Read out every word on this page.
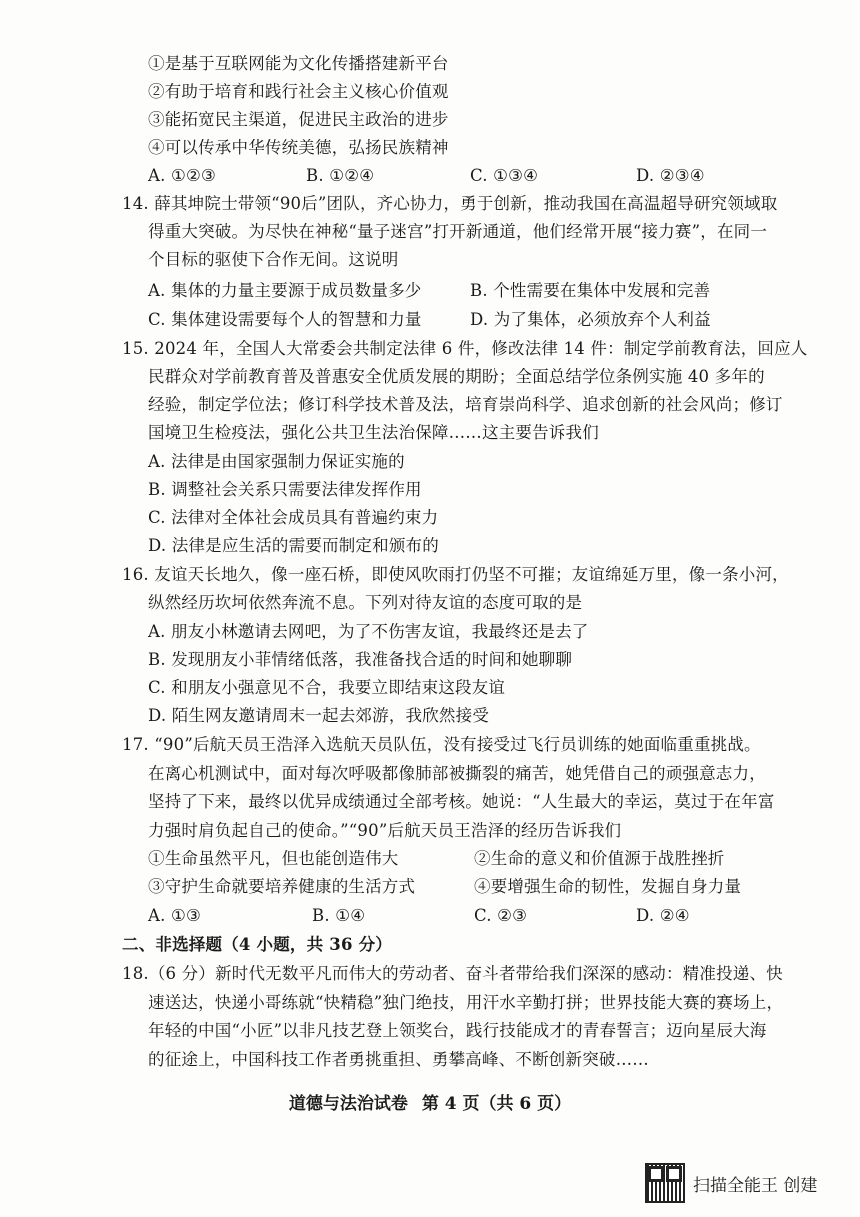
①是基于互联网能为文化传播搭建新平台
②有助于培育和践行社会主义核心价值观
③能拓宽民主渠道，促进民主政治的进步
④可以传承中华传统美德，弘扬民族精神
A. ①②③	B. ①②④	C. ①③④	D. ②③④
14. 薛其坤院士带领“90后”团队，齐心协力，勇于创新，推动我国在高温超导研究领域取
得重大突破。为尽快在神秘“量子迷宫”打开新通道，他们经常开展“接力赛”，在同一
个目标的驱使下合作无间。这说明
A. 集体的力量主要源于成员数量多少	B. 个性需要在集体中发展和完善
C. 集体建设需要每个人的智慧和力量	D. 为了集体，必须放弃个人利益
15. 2024 年，全国人大常委会共制定法律 6 件，修改法律 14 件：制定学前教育法，回应人
民群众对学前教育普及普惠安全优质发展的期盼；全面总结学位条例实施 40 多年的
经验，制定学位法；修订科学技术普及法，培育崇尚科学、追求创新的社会风尚；修订
国境卫生检疫法，强化公共卫生法治保障……这主要告诉我们
A. 法律是由国家强制力保证实施的
B. 调整社会关系只需要法律发挥作用
C. 法律对全体社会成员具有普遍约束力
D. 法律是应生活的需要而制定和颁布的
16. 友谊天长地久，像一座石桥，即使风吹雨打仍坚不可摧；友谊绵延万里，像一条小河，
纵然经历坎坷依然奔流不息。下列对待友谊的态度可取的是
A. 朋友小林邀请去网吧，为了不伤害友谊，我最终还是去了
B. 发现朋友小菲情绪低落，我准备找合适的时间和她聊聊
C. 和朋友小强意见不合，我要立即结束这段友谊
D. 陌生网友邀请周末一起去郊游，我欣然接受
17. “90”后航天员王浩泽入选航天员队伍，没有接受过飞行员训练的她面临重重挑战。
在离心机测试中，面对每次呼吸都像肺部被撕裂的痛苦，她凭借自己的顽强意志力，
坚持了下来，最终以优异成绩通过全部考核。她说：“人生最大的幸运，莫过于在年富
力强时肩负起自己的使命。”“90”后航天员王浩泽的经历告诉我们
①生命虽然平凡，但也能创造伟大	②生命的意义和价值源于战胜挫折
③守护生命就要培养健康的生活方式	④要增强生命的韧性，发掘自身力量
A. ①③	B. ①④	C. ②③	D. ②④
二、非选择题（4 小题，共 36 分）
18.（6 分）新时代无数平凡而伟大的劳动者、奋斗者带给我们深深的感动：精准投递、快
速送达，快递小哥练就“快精稳”独门绝技，用汗水辛勤打拼；世界技能大赛的赛场上，
年轻的中国“小匠”以非凡技艺登上领奖台，践行技能成才的青春誓言；迈向星辰大海
的征途上，中国科技工作者勇挑重担、勇攀高峰、不断创新突破……
道德与法治试卷 第 4 页（共 6 页）
扫描全能王 创建
